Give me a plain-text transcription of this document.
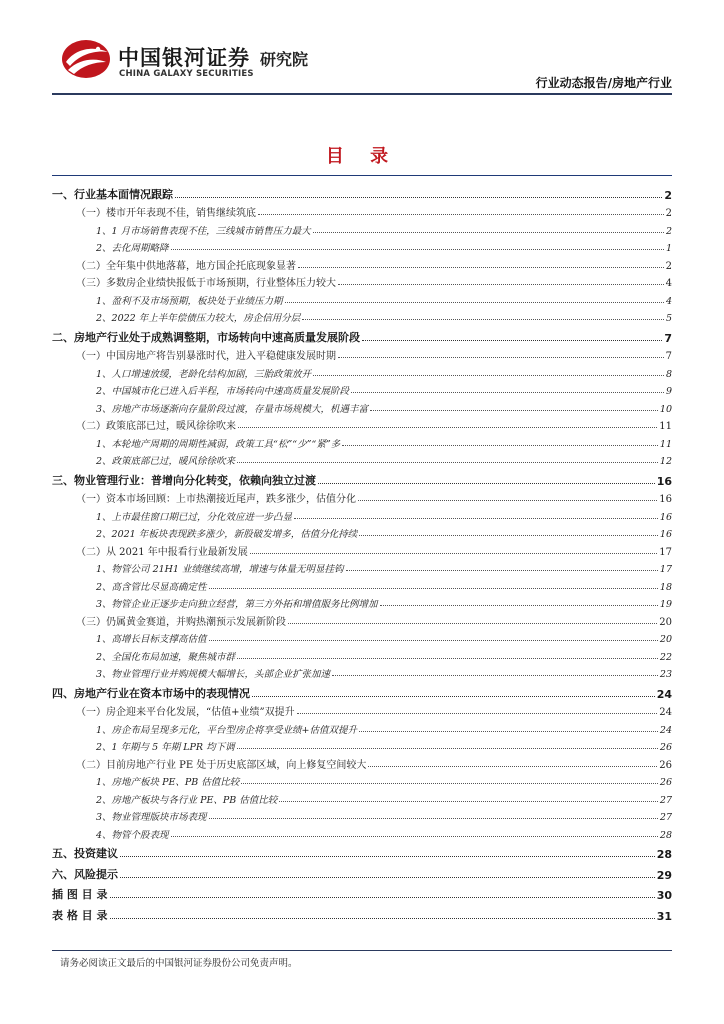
中国银河证券
CHINA GALAXY SECURITIES
研究院
行业动态报告/房地产行业
目 录
一、行业基本面情况跟踪	2
（一）楼市开年表现不佳，销售继续筑底	2
1、1 月市场销售表现不佳，三线城市销售压力最大	2
2、去化周期略降	1
（二）全年集中供地落幕，地方国企托底现象显著	2
（三）多数房企业绩快报低于市场预期，行业整体压力较大	4
1、盈利不及市场预期，板块处于业绩压力期	4
2、2022 年上半年偿债压力较大，房企信用分层	5
二、房地产行业处于成熟调整期，市场转向中速高质量发展阶段	7
（一）中国房地产将告别暴涨时代，进入平稳健康发展时期	7
1、人口增速放缓，老龄化结构加剧，三胎政策放开	8
2、中国城市化已进入后半程，市场转向中速高质量发展阶段	9
3、房地产市场逐渐向存量阶段过渡，存量市场规模大，机遇丰富	10
（二）政策底部已过，暖风徐徐吹来	11
1、本轮地产周期的周期性减弱，政策工具“松”“少”“紧”多	11
2、政策底部已过，暖风徐徐吹来	12
三、物业管理行业：普增向分化转变，依赖向独立过渡	16
（一）资本市场回顾：上市热潮接近尾声，跌多涨少，估值分化	16
1、上市最佳窗口期已过，分化效应进一步凸显	16
2、2021 年板块表现跌多涨少，新股破发增多，估值分化持续	16
（二）从 2021 年中报看行业最新发展	17
1、物管公司 21H1 业绩继续高增，增速与体量无明显挂钩	17
2、高含管比尽显高确定性	18
3、物管企业正逐步走向独立经营，第三方外拓和增值服务比例增加	19
（三）仍属黄金赛道，并购热潮预示发展新阶段	20
1、高增长目标支撑高估值	20
2、全国化布局加速，聚焦城市群	22
3、物业管理行业并购规模大幅增长，头部企业扩张加速	23
四、房地产行业在资本市场中的表现情况	24
（一）房企迎来平台化发展，“估值+业绩”双提升	24
1、房企布局呈现多元化，平台型房企将享受业绩+估值双提升	24
2、1 年期与 5 年期 LPR 均下调	26
（二）目前房地产行业 PE 处于历史底部区域，向上修复空间较大	26
1、房地产板块 PE、PB 估值比较	26
2、房地产板块与各行业 PE、PB 估值比较	27
3、物业管理版块市场表现	27
4、物管个股表现	28
五、投资建议	28
六、风险提示	29
插 图 目 录	30
表 格 目 录	31
请务必阅读正文最后的中国银河证券股份公司免责声明。
